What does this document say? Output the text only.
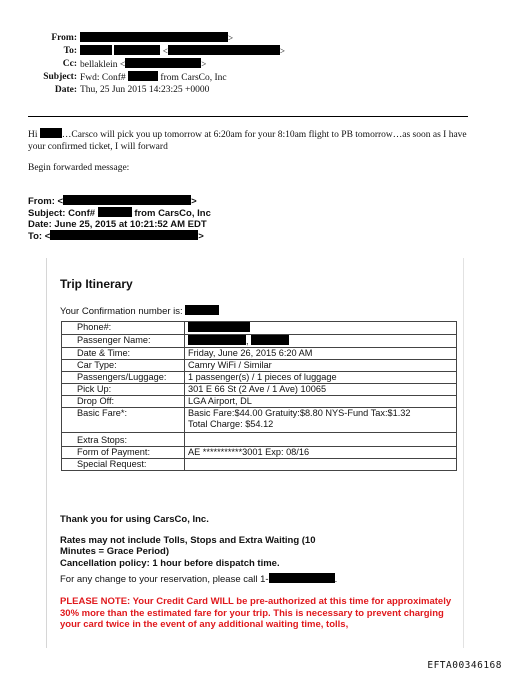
From:	>
To:	<	>
Cc: bellaklein <	>
Subject: Fwd: Conf#	from CarsCo, Inc
Date: Thu, 25 Jun 2015 14:23:25 +0000
Hi	…Carsco will pick you up tomorrow at 6:20am for your 8:10am flight to PB tomorrow…as soon as I have your confirmed ticket, I will forward
Begin forwarded message:
From: <	>
Subject: Conf#	from CarsCo, Inc
Date: June 25, 2015 at 10:21:52 AM EDT
To: <	>
Trip Itinerary
Your Confirmation number is:
Phone#:	
Passenger Name:	,
Date & Time:	Friday, June 26, 2015 6:20 AM
Car Type:	Camry WiFi / Similar
Passengers/Luggage:	1 passenger(s) / 1 pieces of luggage
Pick Up:	301 E 66 St (2 Ave / 1 Ave) 10065
Drop Off:	LGA Airport, DL
Basic Fare*:	Basic Fare:$44.00 Gratuity:$8.80 NYS-Fund Tax:$1.32
Total Charge: $54.12

Extra Stops:	
Form of Payment:	AE ***********3001 Exp: 08/16
Special Request:	
Thank you for using CarsCo, Inc.
Rates may not include Tolls, Stops and Extra Waiting (10 Minutes = Grace Period)
Cancellation policy: 1 hour before dispatch time.
For any change to your reservation, please call 1-	.
PLEASE NOTE: Your Credit Card WILL be pre-authorized at this time for approximately 30% more than the estimated fare for your trip. This is necessary to prevent charging your card twice in the event of any additional waiting time, tolls,
EFTA00346168
